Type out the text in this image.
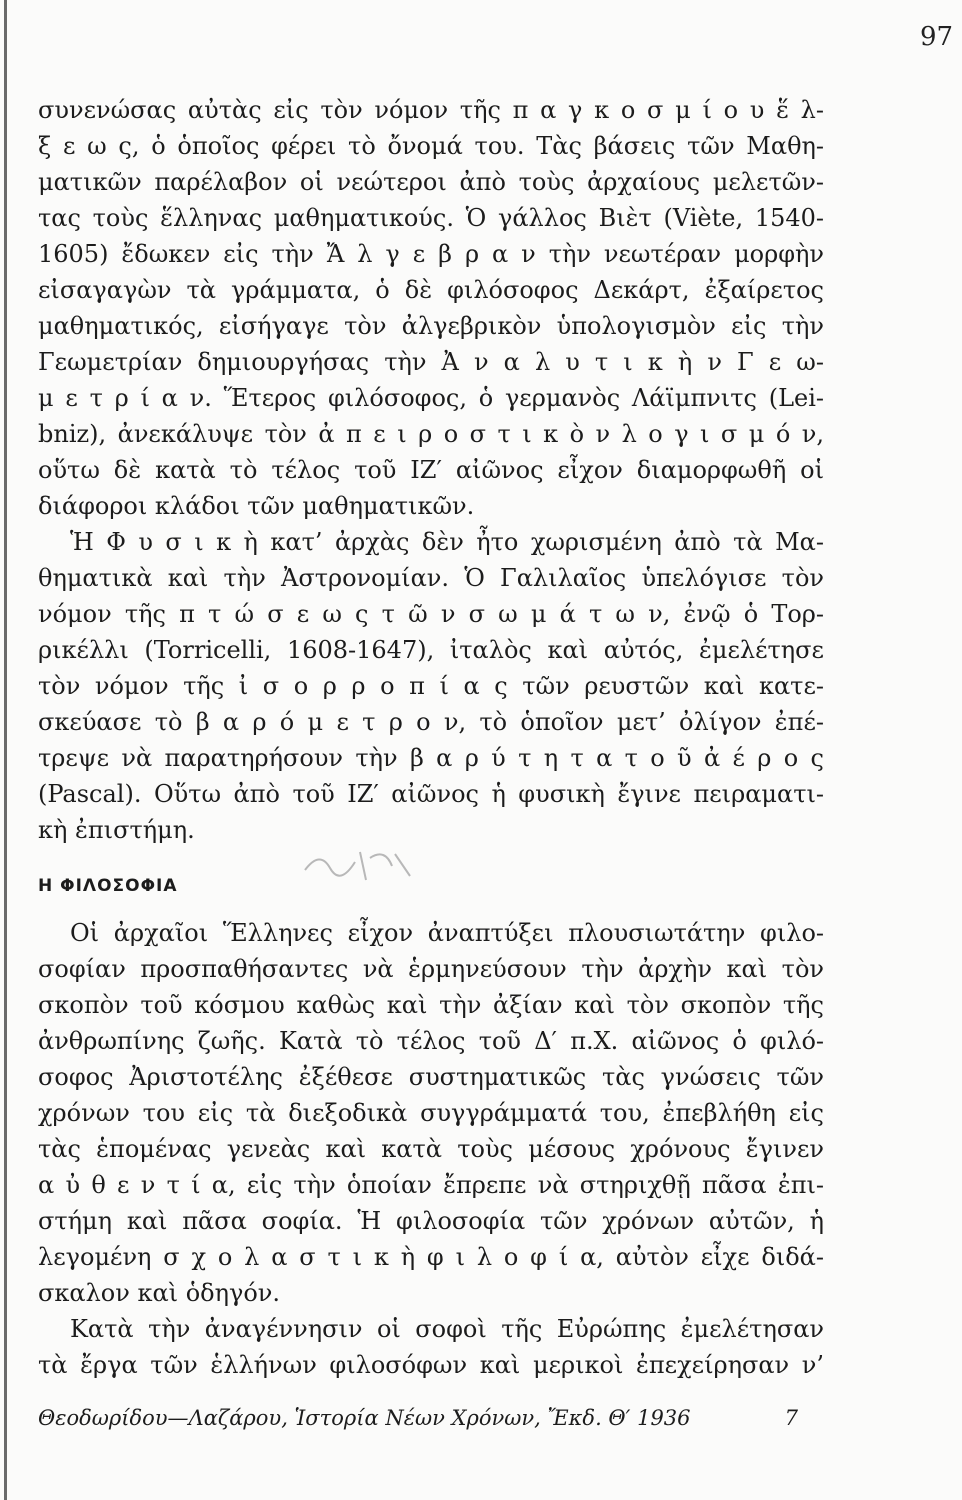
97
συνενώσας αὐτὰς εἰς τὸν νόμον τῆς π α γ κ ο σ μ ί ο υ ἕ λ-
ξ ε ω ς, ὁ ὁποῖος φέρει τὸ ὄνομά του. Τὰς βάσεις τῶν Μαθη-
ματικῶν παρέλαβον οἱ νεώτεροι ἀπὸ τοὺς ἀρχαίους μελετῶν-
τας τοὺς ἕλληνας μαθηματικούς. Ὁ γάλλος Βιὲτ (Viète, 1540-
1605) ἔδωκεν εἰς τὴν Ἄ λ γ ε β ρ α ν τὴν νεωτέραν μορφὴν
εἰσαγαγὼν τὰ γράμματα, ὁ δὲ φιλόσοφος Δεκάρτ, ἐξαίρετος
μαθηματικός, εἰσήγαγε τὸν ἀλγεβρικὸν ὑπολογισμὸν εἰς τὴν
Γεωμετρίαν δημιουργήσας τὴν Ἀ ν α λ υ τ ι κ ὴ ν Γ ε ω-
μ ε τ ρ ί α ν. Ἕτερος φιλόσοφος, ὁ γερμανὸς Λάϊμπνιτς (Lei-
bniz), ἀνεκάλυψε τὸν ἀ π ε ι ρ ο σ τ ι κ ὸ ν λ ο γ ι σ μ ό ν,
οὕτω δὲ κατὰ τὸ τέλος τοῦ ΙΖ′ αἰῶνος εἶχον διαμορφωθῆ οἱ
διάφοροι κλάδοι τῶν μαθηματικῶν.
Ἡ Φ υ σ ι κ ὴ κατ’ ἀρχὰς δὲν ἦτο χωρισμένη ἀπὸ τὰ Μα-
θηματικὰ καὶ τὴν Ἀστρονομίαν. Ὁ Γαλιλαῖος ὑπελόγισε τὸν
νόμον τῆς π τ ώ σ ε ω ς τ ῶ ν σ ω μ ά τ ω ν, ἐνῷ ὁ Τορ-
ρικέλλι (Torricelli, 1608-1647), ἰταλὸς καὶ αὐτός, ἐμελέτησε
τὸν νόμον τῆς ἰ σ ο ρ ρ ο π ί α ς τῶν ρευστῶν καὶ κατε-
σκεύασε τὸ β α ρ ό μ ε τ ρ ο ν, τὸ ὁποῖον μετ’ ὀλίγον ἐπέ-
τρεψε νὰ παρατηρήσουν τὴν β α ρ ύ τ η τ α τ ο ῦ ἀ έ ρ ο ς
(Pascal). Οὕτω ἀπὸ τοῦ ΙΖ′ αἰῶνος ἡ φυσικὴ ἔγινε πειραματι-
κὴ ἐπιστήμη.
Η ΦΙΛΟΣΟΦΙΑ
Οἱ ἀρχαῖοι Ἕλληνες εἶχον ἀναπτύξει πλουσιωτάτην φιλο-
σοφίαν προσπαθήσαντες νὰ ἑρμηνεύσουν τὴν ἀρχὴν καὶ τὸν
σκοπὸν τοῦ κόσμου καθὼς καὶ τὴν ἀξίαν καὶ τὸν σκοπὸν τῆς
ἀνθρωπίνης ζωῆς. Κατὰ τὸ τέλος τοῦ Δ′ π.Χ. αἰῶνος ὁ φιλό-
σοφος Ἀριστοτέλης ἐξέθεσε συστηματικῶς τὰς γνώσεις τῶν
χρόνων του εἰς τὰ διεξοδικὰ συγγράμματά του, ἐπεβλήθη εἰς
τὰς ἑπομένας γενεὰς καὶ κατὰ τοὺς μέσους χρόνους ἔγινεν
α ὐ θ ε ν τ ί α, εἰς τὴν ὁποίαν ἔπρεπε νὰ στηριχθῇ πᾶσα ἐπι-
στήμη καὶ πᾶσα σοφία. Ἡ φιλοσοφία τῶν χρόνων αὐτῶν, ἡ
λεγομένη σ χ ο λ α σ τ ι κ ὴ φ ι λ ο φ ί α, αὐτὸν εἶχε διδά-
σκαλον καὶ ὁδηγόν.
Κατὰ τὴν ἀναγέννησιν οἱ σοφοὶ τῆς Εὐρώπης ἐμελέτησαν
τὰ ἔργα τῶν ἑλλήνων φιλοσόφων καὶ μερικοὶ ἐπεχείρησαν ν’
Θεοδωρίδου—Λαζάρου, Ἱστορία Νέων Χρόνων, Ἔκδ. Θ′ 1936	7
